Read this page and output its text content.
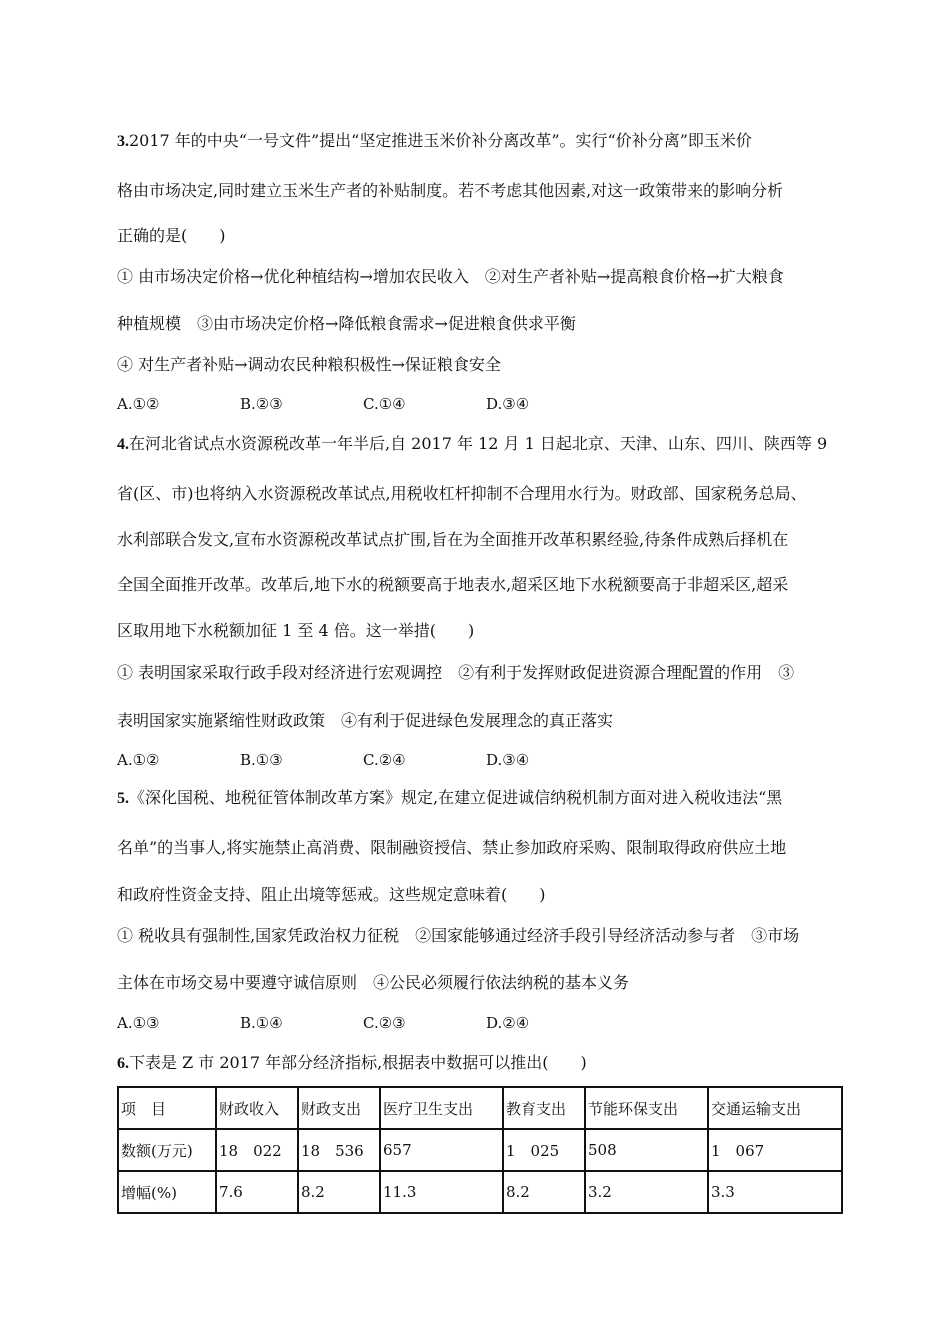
3.2017 年的中央“一号文件”提出“坚定推进玉米价补分离改革”。实行“价补分离”即玉米价
格由市场决定,同时建立玉米生产者的补贴制度。若不考虑其他因素,对这一政策带来的影响分析
正确的是(　　)
① 由市场决定价格→优化种植结构→增加农民收入　②对生产者补贴→提高粮食价格→扩大粮食
种植规模　③由市场决定价格→降低粮食需求→促进粮食供求平衡
④ 对生产者补贴→调动农民种粮积极性→保证粮食安全
A.①②	B.②③	C.①④	D.③④
4.在河北省试点水资源税改革一年半后,自 2017 年 12 月 1 日起北京、天津、山东、四川、陕西等 9
省(区、市)也将纳入水资源税改革试点,用税收杠杆抑制不合理用水行为。财政部、国家税务总局、
水利部联合发文,宣布水资源税改革试点扩围,旨在为全面推开改革积累经验,待条件成熟后择机在
全国全面推开改革。改革后,地下水的税额要高于地表水,超采区地下水税额要高于非超采区,超采
区取用地下水税额加征 1 至 4 倍。这一举措(　　)
① 表明国家采取行政手段对经济进行宏观调控　②有利于发挥财政促进资源合理配置的作用　③
表明国家实施紧缩性财政政策　④有利于促进绿色发展理念的真正落实
A.①②	B.①③	C.②④	D.③④
5.《深化国税、地税征管体制改革方案》规定,在建立促进诚信纳税机制方面对进入税收违法“黑
名单”的当事人,将实施禁止高消费、限制融资授信、禁止参加政府采购、限制取得政府供应土地
和政府性资金支持、阻止出境等惩戒。这些规定意味着(　　)
① 税收具有强制性,国家凭政治权力征税　②国家能够通过经济手段引导经济活动参与者　③市场
主体在市场交易中要遵守诚信原则　④公民必须履行依法纳税的基本义务
A.①③	B.①④	C.②③	D.②④
6.下表是 Z 市 2017 年部分经济指标,根据表中数据可以推出(　　)
项　目	财政收入	财政支出	医疗卫生支出	教育支出	节能环保支出	交通运输支出
数额(万元)	18　022	18　536	657	1　025	508	1　067
增幅(%)	7.6	8.2	11.3	8.2	3.2	3.3
